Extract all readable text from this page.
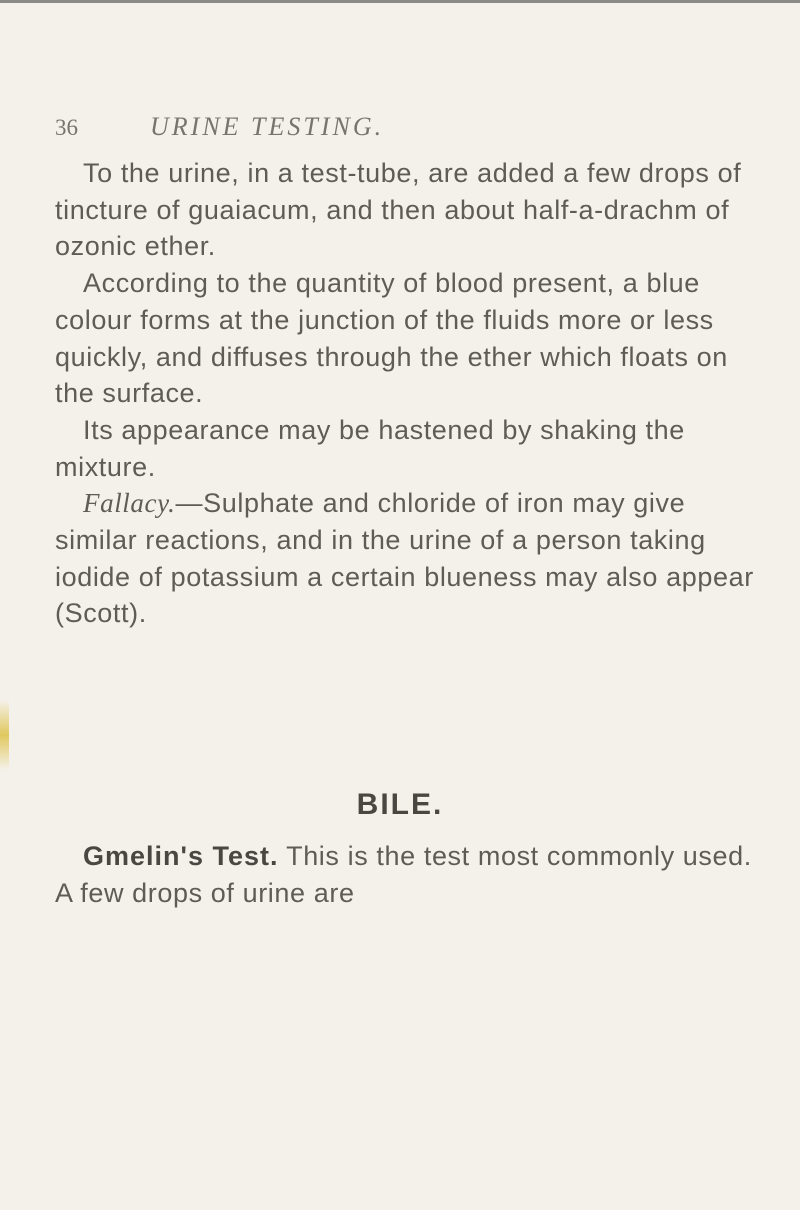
36	URINE TESTING.

To the urine, in a test-tube, are added a few drops of tincture of guaiacum, and then about half-a-drachm of ozonic ether.

According to the quantity of blood present, a blue colour forms at the junction of the fluids more or less quickly, and diffuses through the ether which floats on the surface.

Its appearance may be hastened by shaking the mixture.

Fallacy.—Sulphate and chloride of iron may give similar reactions, and in the urine of a person taking iodide of potassium a certain blueness may also appear (Scott).

BILE.

Gmelin's Test. This is the test most commonly used. A few drops of urine are
